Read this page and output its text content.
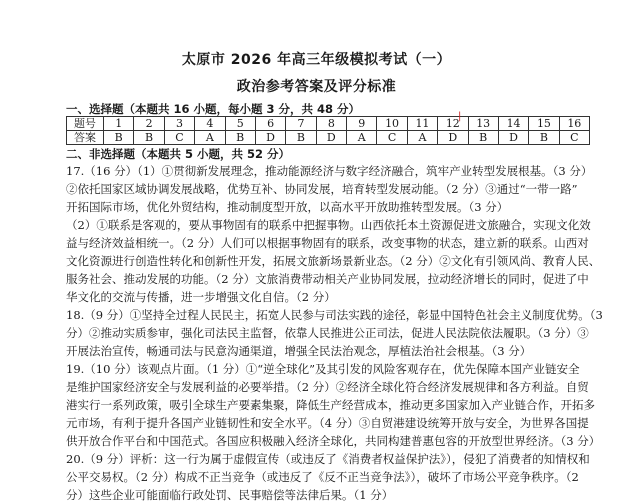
太原市 2026 年高三年级模拟考试（一）
政治参考答案及评分标准
一、选择题（本题共 16 小题，每小题 3 分，共 48 分）
题号	1	2	3	4	5	6	7	8	9	10	11	12	13	14	15	16
答案	B	B	C	A	B	D	B	D	A	C	A	D	B	D	B	C
|
二、非选择题（本题共 5 小题，共 52 分）
17.（16 分）（1）①贯彻新发展理念，推动能源经济与数字经济融合，筑牢产业转型发展根基。（3 分）
②依托国家区域协调发展战略，优势互补、协同发展，培育转型发展动能。（2 分）③通过“一带一路”
开拓国际市场，优化外贸结构，推动制度型开放，以高水平开放助推转型发展。（3 分）
（2）①联系是客观的，要从事物固有的联系中把握事物。山西依托本土资源促进文旅融合，实现文化效
益与经济效益相统一。（2 分）人们可以根据事物固有的联系，改变事物的状态，建立新的联系。山西对
文化资源进行创造性转化和创新性开发，拓展文旅新场景新业态。（2 分）②文化有引领风尚、教育人民、
服务社会、推动发展的功能。（2 分）文旅消费带动相关产业协同发展，拉动经济增长的同时，促进了中
华文化的交流与传播，进一步增强文化自信。（2 分）
18.（9 分）①坚持全过程人民民主，拓宽人民参与司法实践的途径，彰显中国特色社会主义制度优势。（3
分）②推动实质参审，强化司法民主监督，依靠人民推进公正司法，促进人民法院依法履职。（3 分）③
开展法治宣传，畅通司法与民意沟通渠道，增强全民法治观念，厚植法治社会根基。（3 分）
19.（10 分）该观点片面。（1 分）①“逆全球化”及其引发的风险客观存在，优先保障本国产业链安全
是维护国家经济安全与发展利益的必要举措。（2 分）②经济全球化符合经济发展规律和各方利益。自贸
港实行一系列政策，吸引全球生产要素集聚，降低生产经营成本，推动更多国家加入产业链合作，开拓多
元市场，有利于提升各国产业链韧性和安全水平。（4 分）③自贸港建设统筹开放与安全，为世界各国提
供开放合作平台和中国范式。各国应积极融入经济全球化，共同构建普惠包容的开放型世界经济。（3 分）
20.（9 分）评析：这一行为属于虚假宣传（或违反了《消费者权益保护法》），侵犯了消费者的知情权和
公平交易权。（2 分）构成不正当竞争（或违反了《反不正当竞争法》），破坏了市场公平竞争秩序。（2
分）这些企业可能面临行政处罚、民事赔偿等法律后果。（1 分）
